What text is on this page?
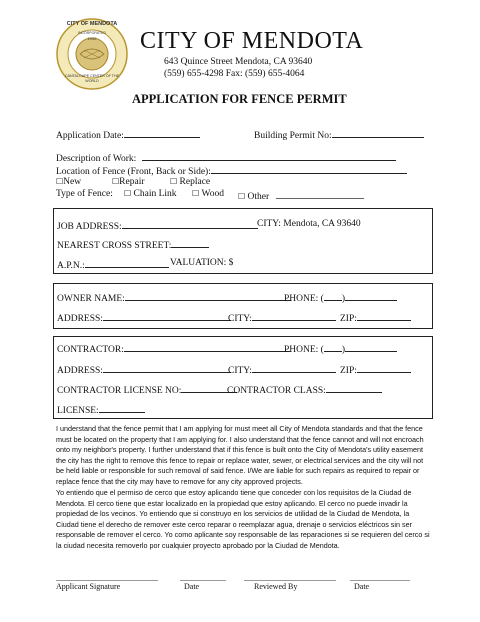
CITY OF MENDOTA
INCORPORATED
1942
CANTALOUPE CENTER OF THE WORLD
CITY OF MENDOTA
643 Quince Street Mendota, CA 93640
(559) 655-4298 Fax: (559) 655-4064
APPLICATION FOR FENCE PERMIT
Application Date:	Building Permit No:
Description of Work:
Location of Fence (Front, Back or Side):
☐New	☐Repair	☐ Replace
Type of Fence: ☐ Chain Link ☐ Wood ☐ Other
JOB ADDRESS:	CITY: Mendota, CA 93640
NEAREST CROSS STREET:
A.P.N.:	VALUATION: $
OWNER NAME:	PHONE: ( )
ADDRESS:	CITY:	ZIP:
CONTRACTOR:	PHONE: ( )
ADDRESS:	CITY:	ZIP:
CONTRACTOR LICENSE NO:	CONTRACTOR CLASS:
LICENSE:
I understand that the fence permit that I am applying for must meet all City of Mendota standards and that the fence must be located on the property that I am applying for. I also understand that the fence cannot and will not encroach onto my neighbor's property. I further understand that if this fence is built onto the City of Mendota's utility easement the city has the right to remove this fence to repair or replace water, sewer, or electrical services and the city will not be held liable or responsible for such removal of said fence. I/We are liable for such repairs as required to repair or replace fence that the city may have to remove for any city approved projects.
Yo entiendo que el permiso de cerco que estoy aplicando tiene que conceder con los requisitos de la Ciudad de Mendota. El cerco tiene que estar localizado en la propiedad que estoy aplicando. El cerco no puede invadir la propiedad de los vecinos. Yo entiendo que si construyo en los servicios de utilidad de la Ciudad de Mendota, la Ciudad tiene el derecho de remover este cerco reparar o reemplazar agua, drenaje o servicios eléctricos sin ser responsable de remover el cerco. Yo como aplicante soy responsable de las reparaciones si se requieren del cerco si la ciudad necesita removerlo por cualquier proyecto aprobado por la Ciudad de Mendota.
Applicant Signature	Date	Reviewed By	Date
